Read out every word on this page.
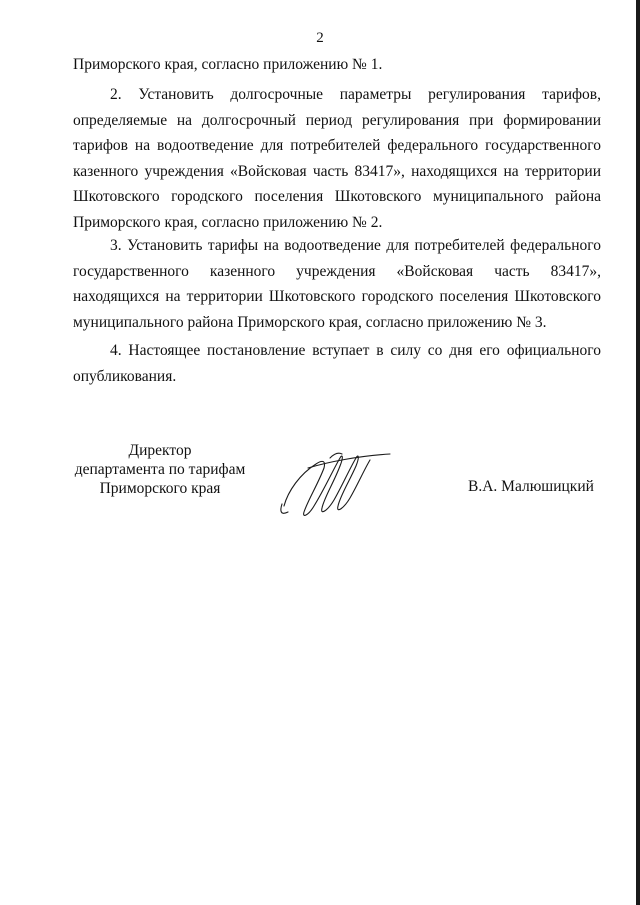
2
Приморского края, согласно приложению № 1.
2. Установить долгосрочные параметры регулирования тарифов, определяемые на долгосрочный период регулирования при формировании тарифов на водоотведение для потребителей федерального государственного казенного учреждения «Войсковая часть 83417», находящихся на территории Шкотовского городского поселения Шкотовского муниципального района Приморского края, согласно приложению № 2.
3. Установить тарифы на водоотведение для потребителей федерального государственного казенного учреждения «Войсковая часть 83417», находящихся на территории Шкотовского городского поселения Шкотовского муниципального района Приморского края, согласно приложению № 3.
4. Настоящее постановление вступает в силу со дня его официального опубликования.
Директор
департамента по тарифам
Приморского края	В.А. Малюшицкий
